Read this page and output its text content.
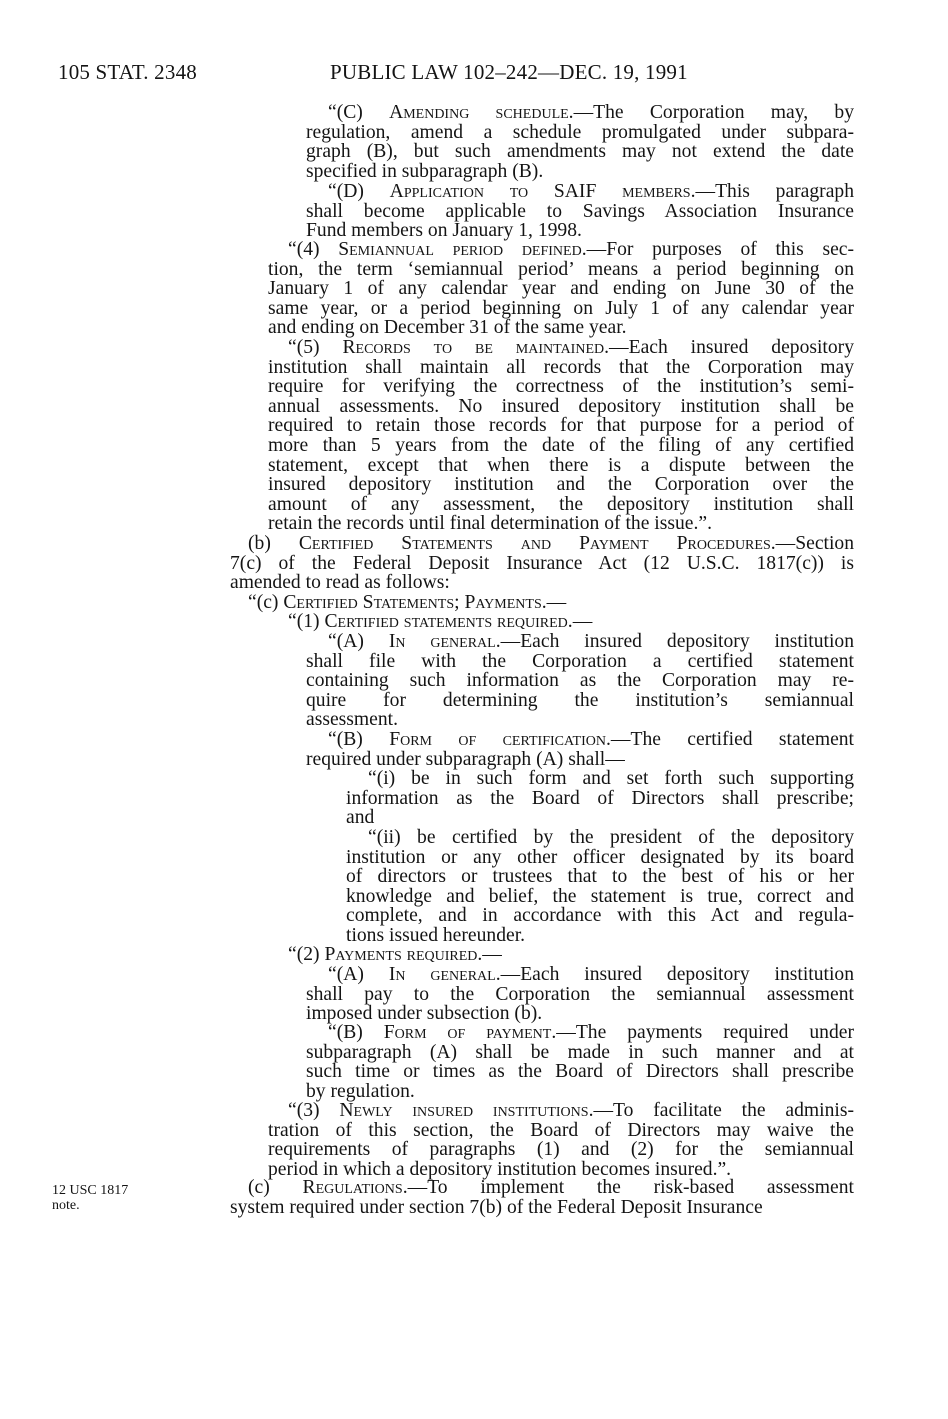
105 STAT. 2348	PUBLIC LAW 102–242—DEC. 19, 1991
12 USC 1817
note.
“(C) Amending schedule.—The Corporation may, by
regulation, amend a schedule promulgated under subpara-
graph (B), but such amendments may not extend the date
specified in subparagraph (B).
“(D) Application to SAIF members.—This paragraph
shall become applicable to Savings Association Insurance
Fund members on January 1, 1998.
“(4) Semiannual period defined.—For purposes of this sec-
tion, the term ‘semiannual period’ means a period beginning on
January 1 of any calendar year and ending on June 30 of the
same year, or a period beginning on July 1 of any calendar year
and ending on December 31 of the same year.
“(5) Records to be maintained.—Each insured depository
institution shall maintain all records that the Corporation may
require for verifying the correctness of the institution’s semi-
annual assessments. No insured depository institution shall be
required to retain those records for that purpose for a period of
more than 5 years from the date of the filing of any certified
statement, except that when there is a dispute between the
insured depository institution and the Corporation over the
amount of any assessment, the depository institution shall
retain the records until final determination of the issue.”.
(b) Certified Statements and Payment Procedures.—Section
7(c) of the Federal Deposit Insurance Act (12 U.S.C. 1817(c)) is
amended to read as follows:
“(c) Certified Statements; Payments.—
“(1) Certified statements required.—
“(A) In general.—Each insured depository institution
shall file with the Corporation a certified statement
containing such information as the Corporation may re-
quire for determining the institution’s semiannual
assessment.
“(B) Form of certification.—The certified statement
required under subparagraph (A) shall—
“(i) be in such form and set forth such supporting
information as the Board of Directors shall prescribe;
and
“(ii) be certified by the president of the depository
institution or any other officer designated by its board
of directors or trustees that to the best of his or her
knowledge and belief, the statement is true, correct and
complete, and in accordance with this Act and regula-
tions issued hereunder.
“(2) Payments required.—
“(A) In general.—Each insured depository institution
shall pay to the Corporation the semiannual assessment
imposed under subsection (b).
“(B) Form of payment.—The payments required under
subparagraph (A) shall be made in such manner and at
such time or times as the Board of Directors shall prescribe
by regulation.
“(3) Newly insured institutions.—To facilitate the adminis-
tration of this section, the Board of Directors may waive the
requirements of paragraphs (1) and (2) for the semiannual
period in which a depository institution becomes insured.”.
(c) Regulations.—To implement the risk-based assessment
system required under section 7(b) of the Federal Deposit Insurance
